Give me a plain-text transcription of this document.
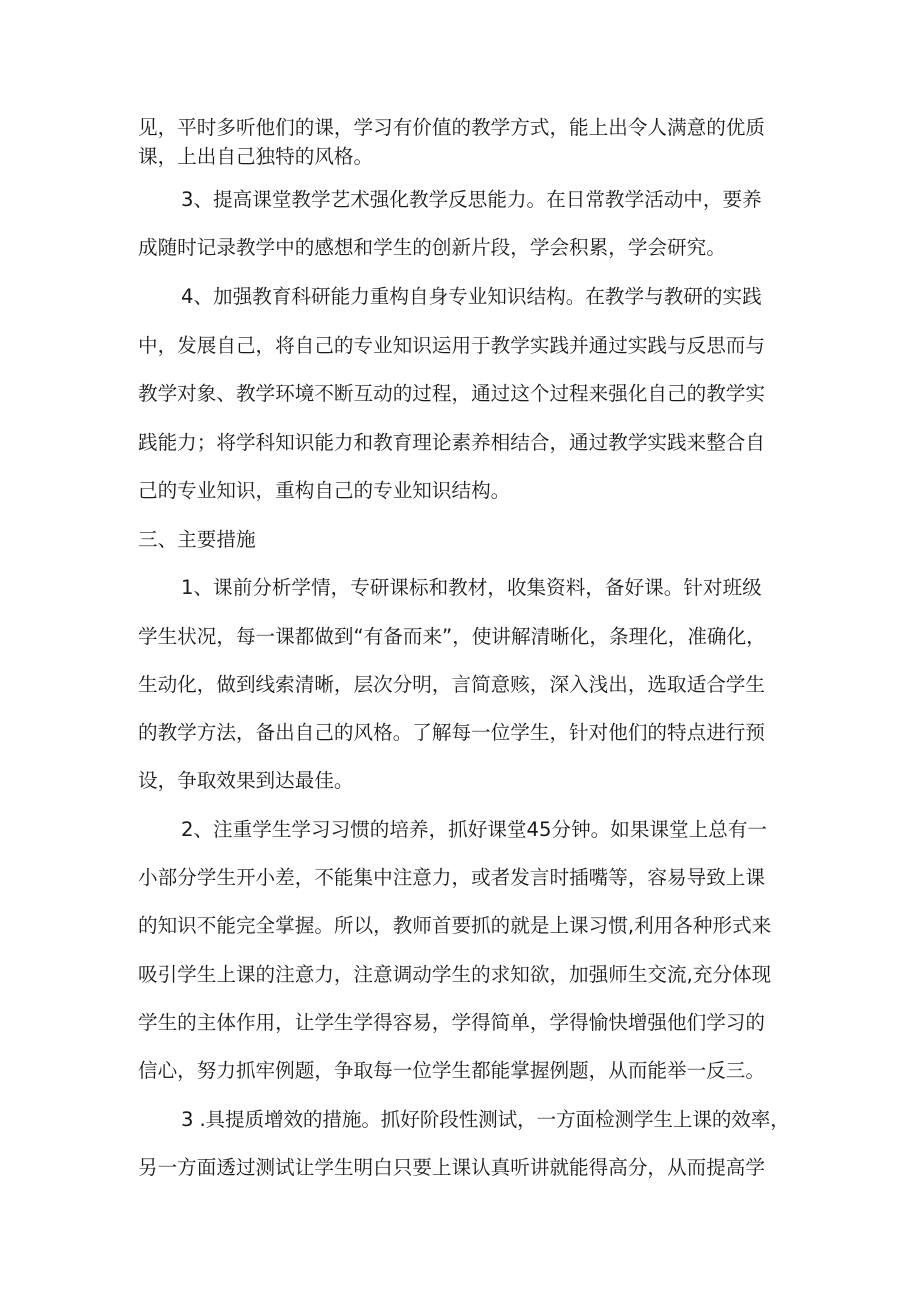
见，平时多听他们的课，学习有价值的教学方式，能上出令人满意的优质
课，上出自己独特的风格。
3、提高课堂教学艺术强化教学反思能力。在日常教学活动中，要养
成随时记录教学中的感想和学生的创新片段，学会积累，学会研究。
4、加强教育科研能力重构自身专业知识结构。在教学与教研的实践
中，发展自己，将自己的专业知识运用于教学实践并通过实践与反思而与
教学对象、教学环境不断互动的过程，通过这个过程来强化自己的教学实
践能力；将学科知识能力和教育理论素养相结合，通过教学实践来整合自
己的专业知识，重构自己的专业知识结构。
三、主要措施
1、课前分析学情，专研课标和教材，收集资料，备好课。针对班级
学生状况，每一课都做到“有备而来”，使讲解清晰化，条理化，准确化，
生动化，做到线索清晰，层次分明，言简意赅，深入浅出，选取适合学生
的教学方法，备出自己的风格。了解每一位学生，针对他们的特点进行预
设，争取效果到达最佳。
2、注重学生学习习惯的培养，抓好课堂45分钟。如果课堂上总有一
小部分学生开小差，不能集中注意力，或者发言时插嘴等，容易导致上课
的知识不能完全掌握。所以，教师首要抓的就是上课习惯,利用各种形式来
吸引学生上课的注意力，注意调动学生的求知欲，加强师生交流,充分体现
学生的主体作用，让学生学得容易，学得简单，学得愉快增强他们学习的
信心，努力抓牢例题，争取每一位学生都能掌握例题，从而能举一反三。
3 .具提质增效的措施。抓好阶段性测试，一方面检测学生上课的效率，
另一方面透过测试让学生明白只要上课认真听讲就能得高分，从而提高学
